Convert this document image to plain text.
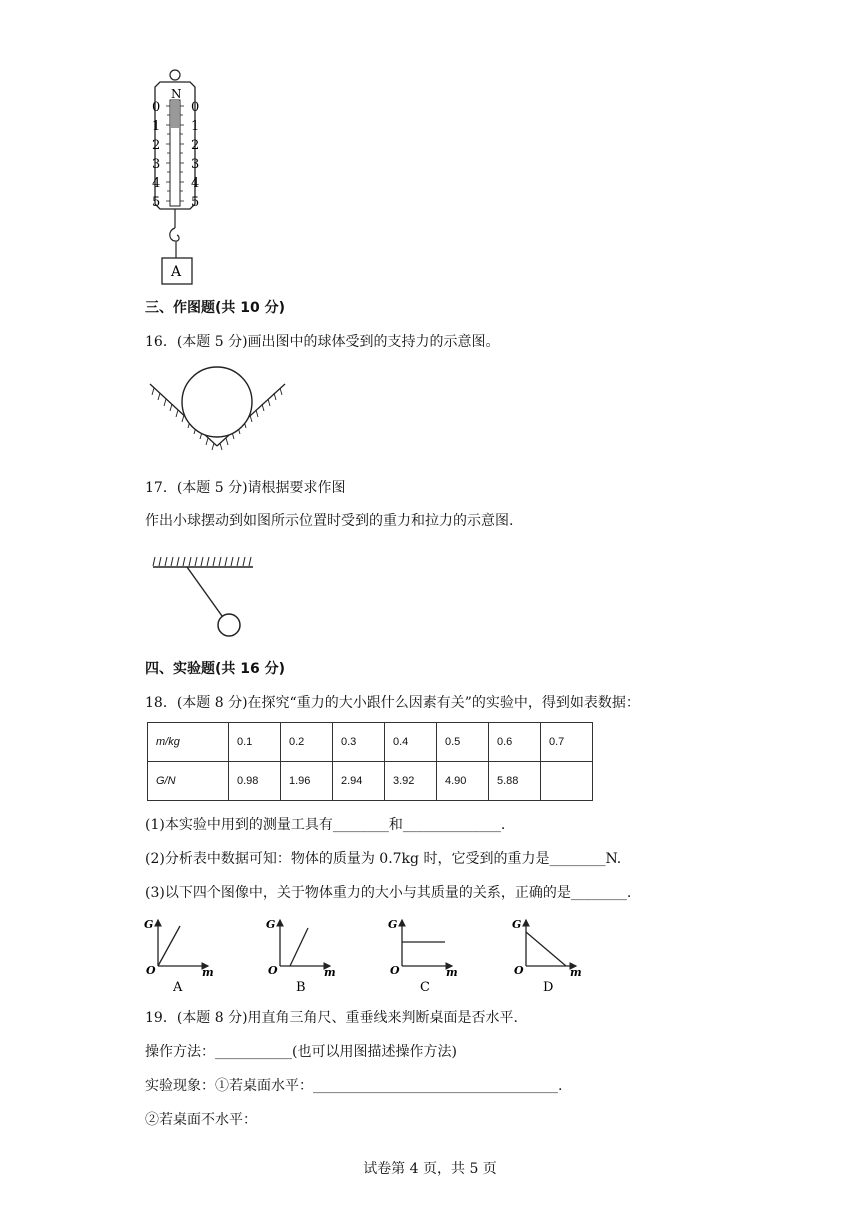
N
0
1
2
3
4
5
0
1
2
3
4
5
A
三、作图题(共 10 分)
16．(本题 5 分)画出图中的球体受到的支持力的示意图。
17．(本题 5 分)请根据要求作图
作出小球摆动到如图所示位置时受到的重力和拉力的示意图.
四、实验题(共 16 分)
18．(本题 8 分)在探究“重力的大小跟什么因素有关”的实验中，得到如表数据：
m/kg	0.1	0.2	0.3	0.4	0.5	0.6	0.7
G/N	0.98	1.96	2.94	3.92	4.90	5.88	
(1)本实验中用到的测量工具有________和______________.
(2)分析表中数据可知：物体的质量为 0.7kg 时，它受到的重力是________N.
(3)以下四个图像中，关于物体重力的大小与其质量的关系，正确的是________.
G
O	m
G
O	m
G
O	m
G
O	m
A	B	C	D
19．(本题 8 分)用直角三角尺、重垂线来判断桌面是否水平.
操作方法：___________(也可以用图描述操作方法)
实验现象：①若桌面水平：___________________________________.
②若桌面不水平：
试卷第 4 页，共 5 页
